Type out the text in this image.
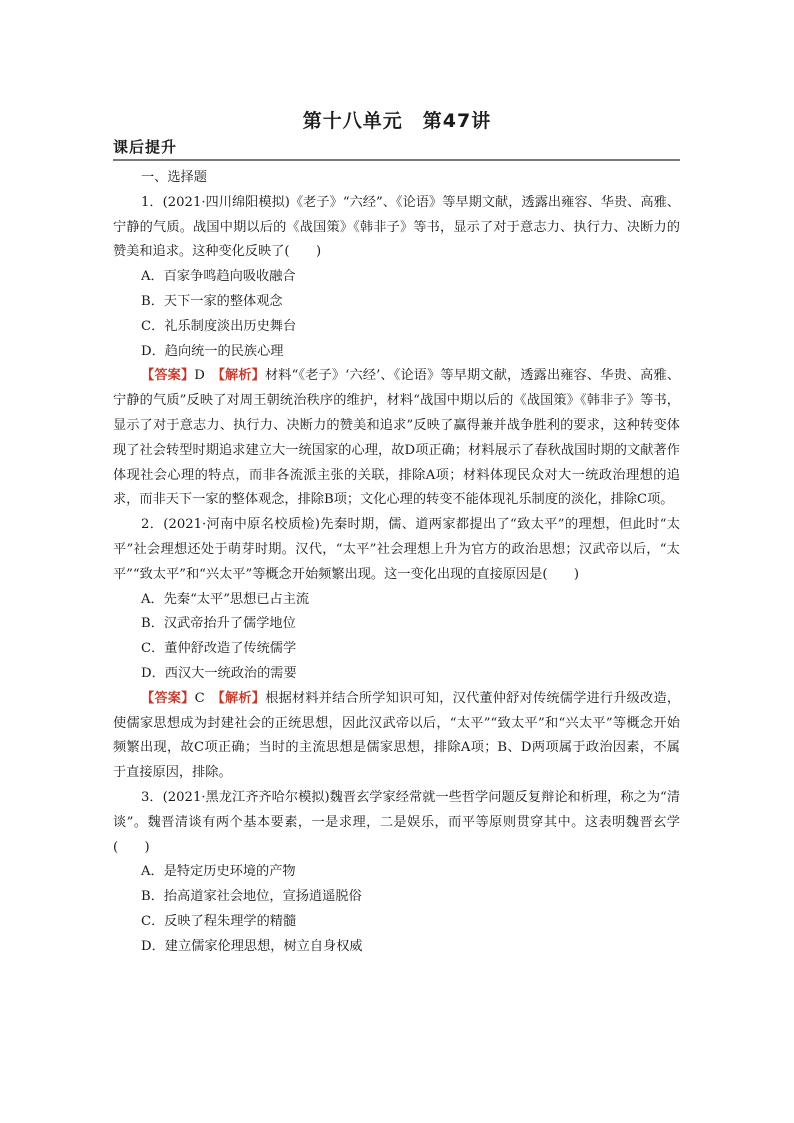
第十八单元　第47讲
课后提升

一、选择题

1．(2021·四川绵阳模拟)《老子》“六经”、《论语》等早期文献，透露出雍容、华贵、高雅、宁静的气质。战国中期以后的《战国策》《韩非子》等书，显示了对于意志力、执行力、决断力的赞美和追求。这种变化反映了(　　)

A．百家争鸣趋向吸收融合

B．天下一家的整体观念

C．礼乐制度淡出历史舞台

D．趋向统一的民族心理

【答案】D　 【解析】材料“《老子》‘六经’、《论语》等早期文献，透露出雍容、华贵、高雅、宁静的气质”反映了对周王朝统治秩序的维护，材料“战国中期以后的《战国策》《韩非子》等书，显示了对于意志力、执行力、决断力的赞美和追求”反映了赢得兼并战争胜利的要求，这种转变体现了社会转型时期追求建立大一统国家的心理，故D项正确；材料展示了春秋战国时期的文献著作体现社会心理的特点，而非各流派主张的关联，排除A项；材料体现民众对大一统政治理想的追求，而非天下一家的整体观念，排除B项；文化心理的转变不能体现礼乐制度的淡化，排除C项。

2．(2021·河南中原名校质检)先秦时期，儒、道两家都提出了“致太平”的理想，但此时“太平”社会理想还处于萌芽时期。汉代，“太平”社会理想上升为官方的政治思想；汉武帝以后，“太平”“致太平”和“兴太平”等概念开始频繁出现。这一变化出现的直接原因是(　　)

A．先秦“太平”思想已占主流

B．汉武帝抬升了儒学地位

C．董仲舒改造了传统儒学

D．西汉大一统政治的需要

【答案】C　 【解析】根据材料并结合所学知识可知，汉代董仲舒对传统儒学进行升级改造，使儒家思想成为封建社会的正统思想，因此汉武帝以后，“太平”“致太平”和“兴太平”等概念开始频繁出现，故C项正确；当时的主流思想是儒家思想，排除A项；B、D两项属于政治因素，不属于直接原因，排除。

3．(2021·黑龙江齐齐哈尔模拟)魏晋玄学家经常就一些哲学问题反复辩论和析理，称之为“清谈”。魏晋清谈有两个基本要素，一是求理，二是娱乐，而平等原则贯穿其中。这表明魏晋玄学(　　)

A．是特定历史环境的产物

B．抬高道家社会地位，宣扬逍遥脱俗

C．反映了程朱理学的精髓

D．建立儒家伦理思想，树立自身权威
